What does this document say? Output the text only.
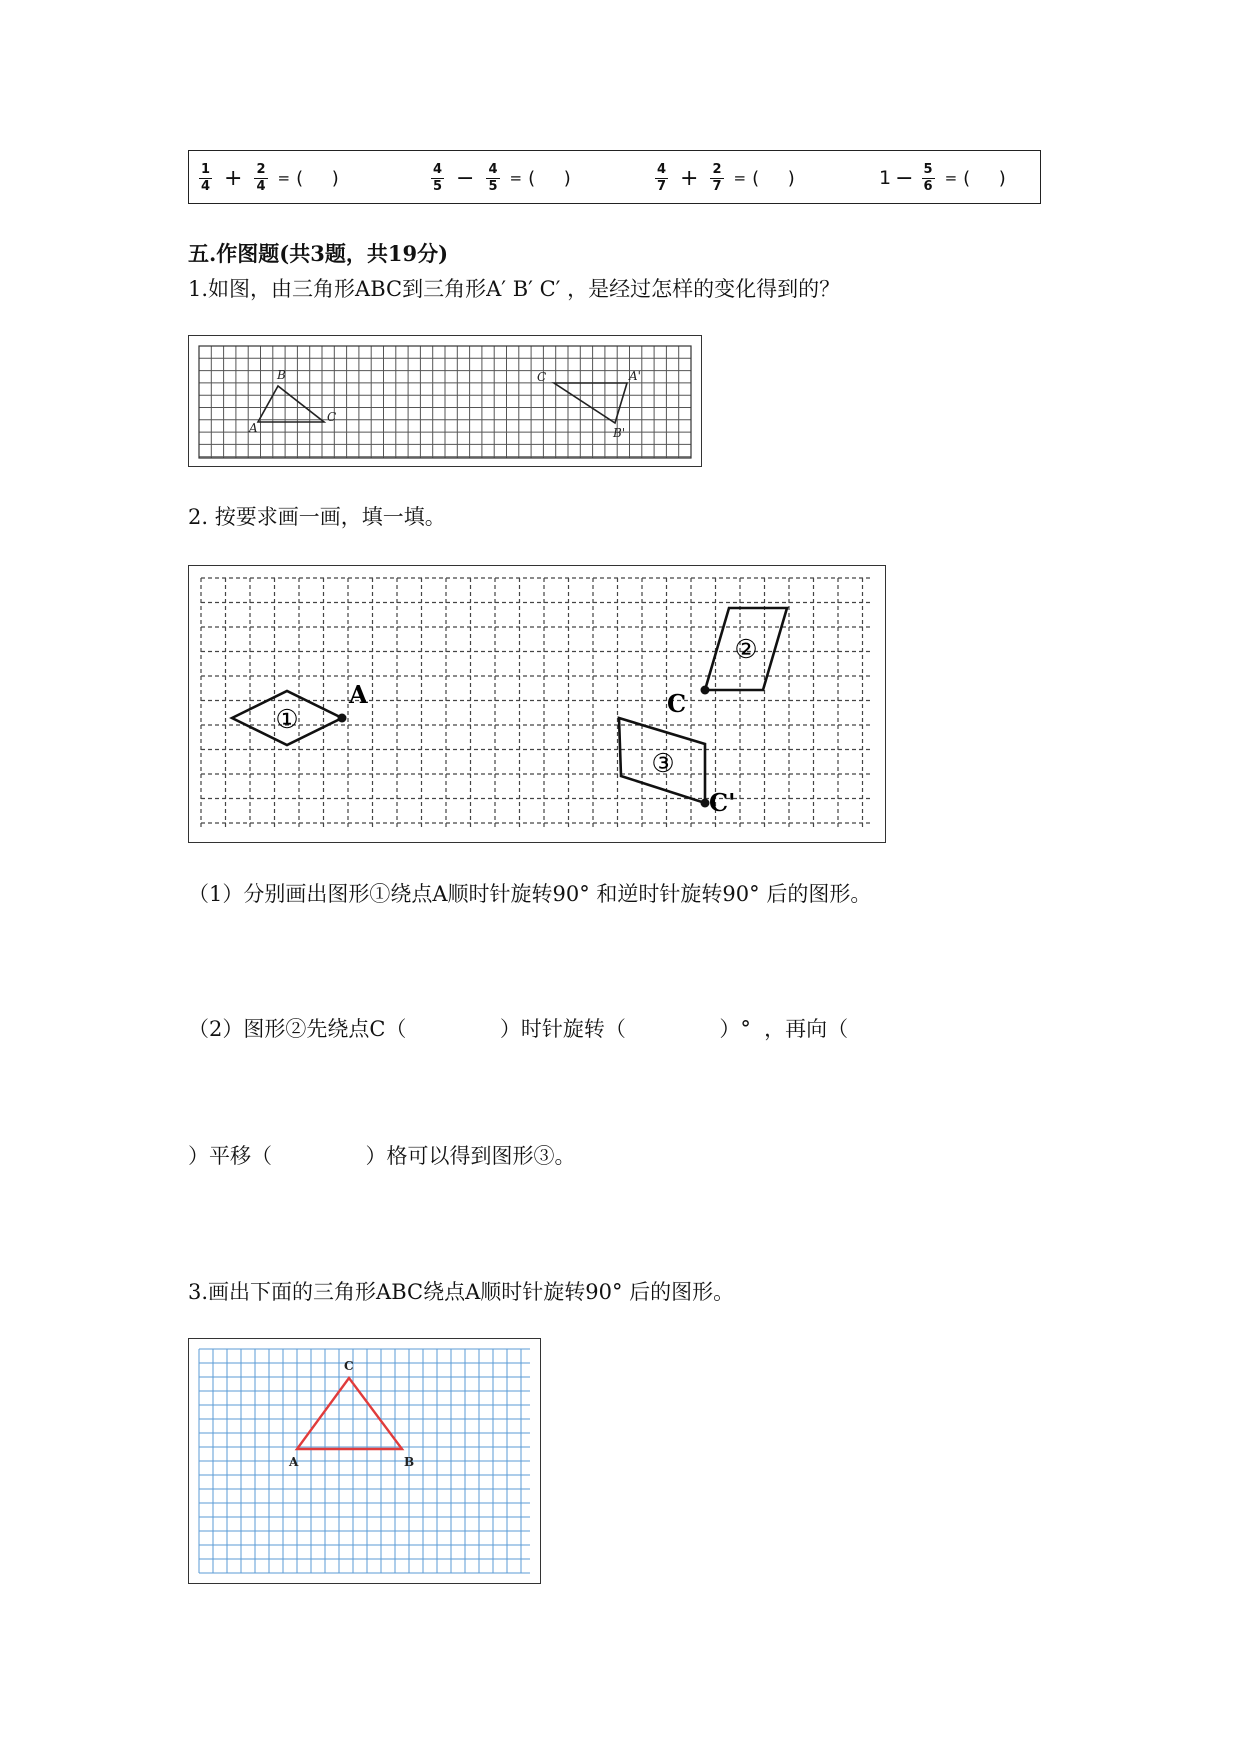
$\frac{1}{4} + \frac{2}{4}$ = (     )	$\frac{4}{5} - \frac{4}{5}$ = (     )	$\frac{4}{7} + \frac{2}{7}$ = (     )	$1 - \frac{5}{6}$ = (     )
五.作图题(共3题，共19分)
1.如图，由三角形ABC到三角形A′ B′ C′ ，是经过怎样的变化得到的？
A
B
C
C	A'
B'
2. 按要求画一画，填一填。
①
A
②
C
③
C'
（1）分别画出图形①绕点A顺时针旋转90° 和逆时针旋转90° 后的图形。
（2）图形②先绕点C（              ）时针旋转（              ）°  ，再向（
）平移（              ）格可以得到图形③。
3.画出下面的三角形ABC绕点A顺时针旋转90° 后的图形。
C
A	B
